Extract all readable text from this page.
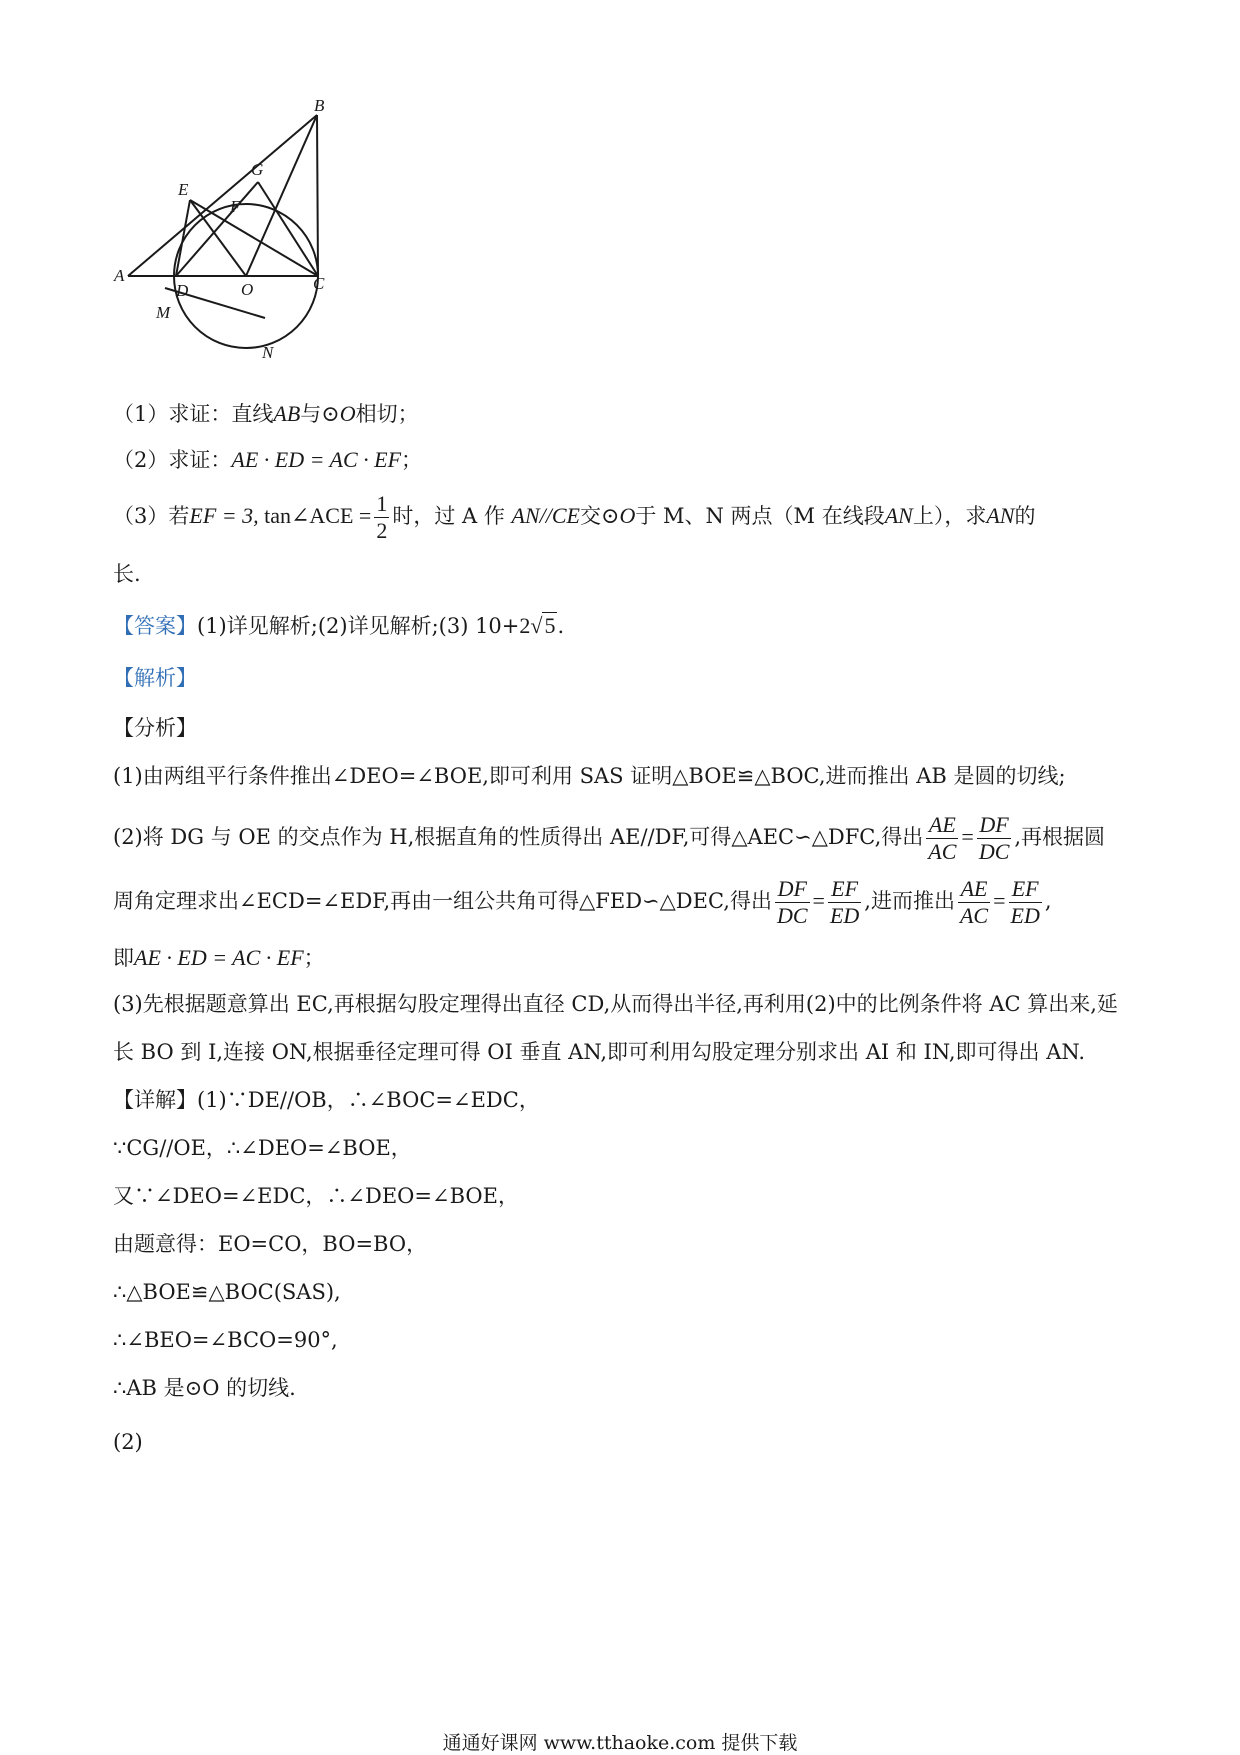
A
B
E
G
F
D	O	C
M
N
（1）求证：直线AB与⊙O相切；
（2）求证：AE · ED = AC · EF；
（3）若EF = 3, tan∠ACE = $\frac{1}{2}$ 时，过 A 作 AN//CE交⊙O于 M、N 两点（M 在线段AN上），求AN的
长.
【答案】(1)详见解析;(2)详见解析;(3) 10+2√5.
【解析】
【分析】
(1)由两组平行条件推出∠DEO=∠BOE,即可利用 SAS 证明△BOE≌△BOC,进而推出 AB 是圆的切线;
(2)将 DG 与 OE 的交点作为 H,根据直角的性质得出 AE//DF,可得△AEC∽△DFC,得出 $\frac{AE}{AC} = \frac{DF}{DC}$ ,再根据圆
周角定理求出∠ECD=∠EDF,再由一组公共角可得△FED∽△DEC,得出 $\frac{DF}{DC} = \frac{EF}{ED}$ ,进而推出 $\frac{AE}{AC} = \frac{EF}{ED}$ ,
即AE · ED = AC · EF；
(3)先根据题意算出 EC,再根据勾股定理得出直径 CD,从而得出半径,再利用(2)中的比例条件将 AC 算出来,延
长 BO 到 I,连接 ON,根据垂径定理可得 OI 垂直 AN,即可利用勾股定理分别求出 AI 和 IN,即可得出 AN.
【详解】(1)∵DE//OB，∴∠BOC=∠EDC，
∵CG//OE，∴∠DEO=∠BOE，
又∵∠DEO=∠EDC，∴∠DEO=∠BOE，
由题意得：EO=CO，BO=BO，
∴△BOE≌△BOC(SAS),
∴∠BEO=∠BCO=90°,
∴AB 是⊙O 的切线.
(2)
通通好课网 www.tthaoke.com 提供下载
